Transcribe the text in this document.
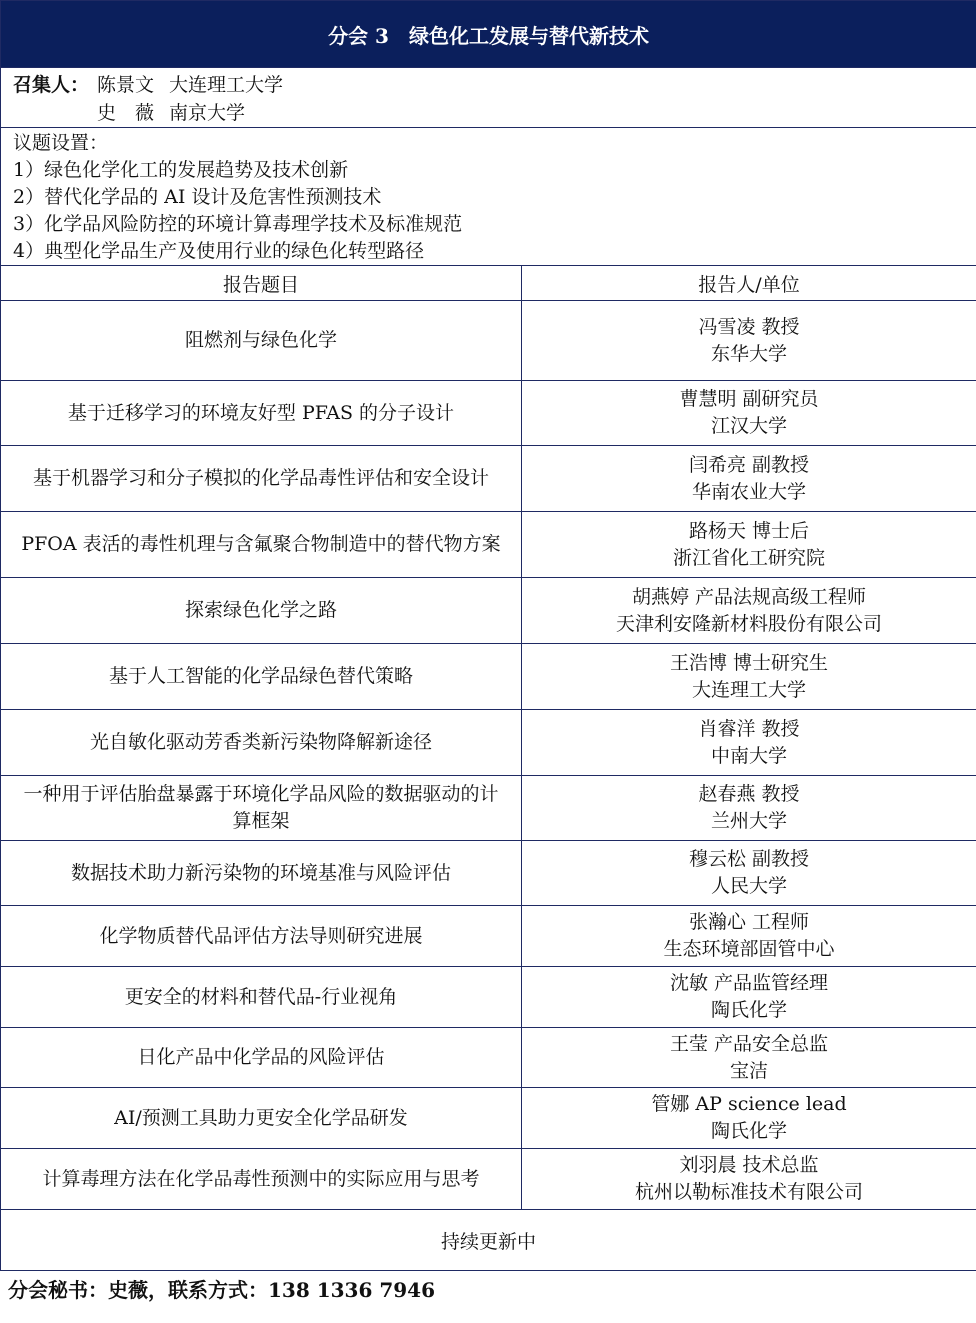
分会 3　绿色化工发展与替代新技术	

召集人： 陈景文 大连理工大学
史　薇 南京大学	

议题设置：
1）绿色化学化工的发展趋势及技术创新
2）替代化学品的 AI 设计及危害性预测技术
3）化学品风险防控的环境计算毒理学技术及标准规范
4）典型化学品生产及使用行业的绿色化转型路径	

报告题目	报告人/单位

阻燃剂与绿色化学	冯雪凌 教授
东华大学

基于迁移学习的环境友好型 PFAS 的分子设计	曹慧明 副研究员
江汉大学

基于机器学习和分子模拟的化学品毒性评估和安全设计	闫希亮 副教授
华南农业大学

PFOA 表活的毒性机理与含氟聚合物制造中的替代物方案	路杨天 博士后
浙江省化工研究院

探索绿色化学之路	胡燕婷 产品法规高级工程师
天津利安隆新材料股份有限公司

基于人工智能的化学品绿色替代策略	王浩博 博士研究生
大连理工大学

光自敏化驱动芳香类新污染物降解新途径	肖睿洋 教授
中南大学

一种用于评估胎盘暴露于环境化学品风险的数据驱动的计算框架	赵春燕 教授
兰州大学

数据技术助力新污染物的环境基准与风险评估	穆云松 副教授
人民大学

化学物质替代品评估方法导则研究进展	张瀚心 工程师
生态环境部固管中心

更安全的材料和替代品-行业视角	沈敏 产品监管经理
陶氏化学

日化产品中化学品的风险评估	王莹 产品安全总监
宝洁

AI/预测工具助力更安全化学品研发	管娜 AP science lead
陶氏化学

计算毒理方法在化学品毒性预测中的实际应用与思考	刘羽晨 技术总监
杭州以勒标准技术有限公司

持续更新中	
分会秘书：史薇，联系方式：138 1336 7946
